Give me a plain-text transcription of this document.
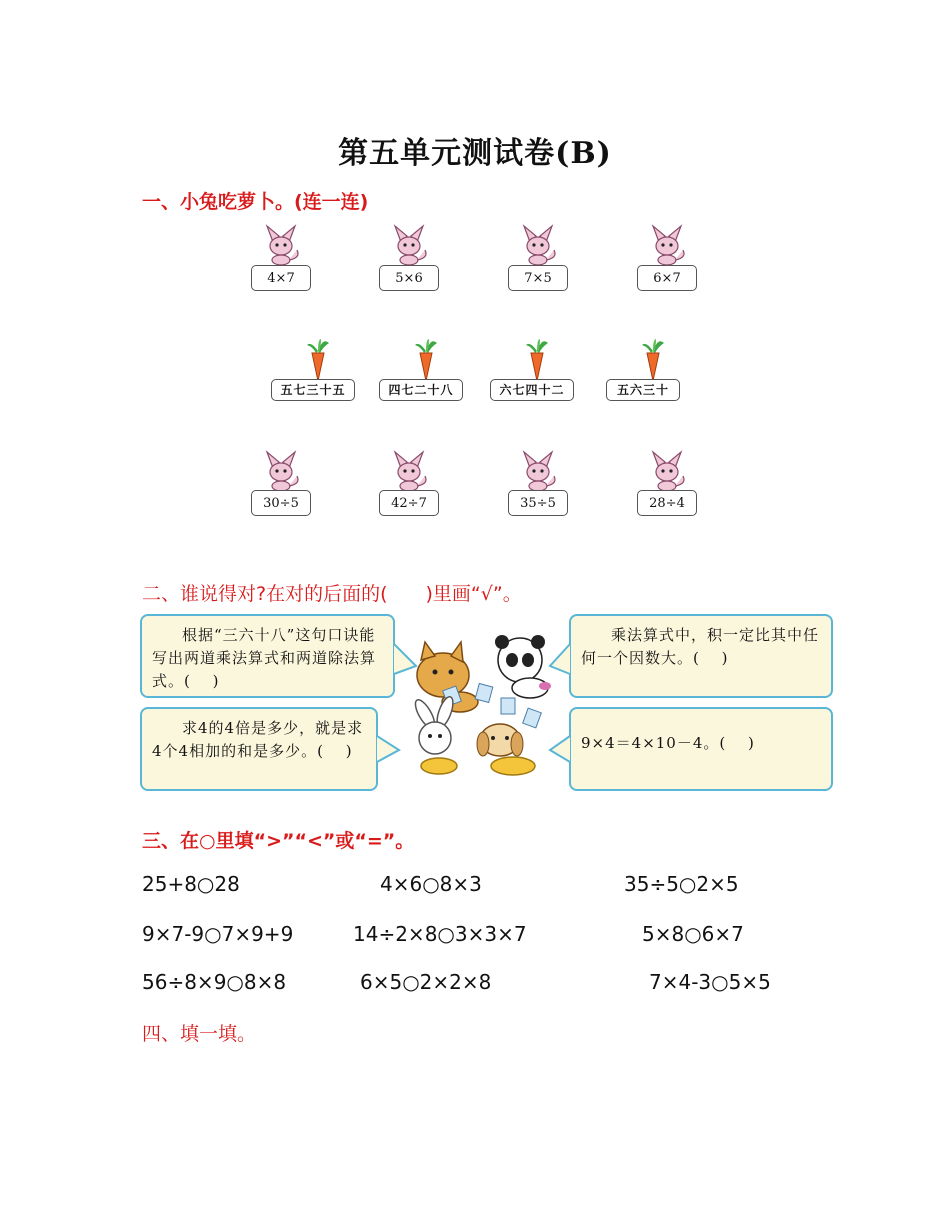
第五单元测试卷(B)
一、小兔吃萝卜。(连一连)
4×7	5×6	7×5	6×7
30÷5	42÷7	35÷5	28÷4
五七三十五	四七二十八	六七四十二	五六三十
二、谁说得对?在对的后面的(　　)里画“√”。
根据“三六十八”这句口诀能写出两道乘法算式和两道除法算式。(　 )
乘法算式中，积一定比其中任何一个因数大。(　 )
求4的4倍是多少，就是求4个4相加的和是多少。(　 )	9×4＝4×10－4。(　 )
三、在○里填“>”“<”或“=”。
25+8○28	4×6○8×3	35÷5○2×5
9×7-9○7×9+9	14÷2×8○3×3×7	5×8○6×7
56÷8×9○8×8	6×5○2×2×8	7×4-3○5×5
四、填一填。
